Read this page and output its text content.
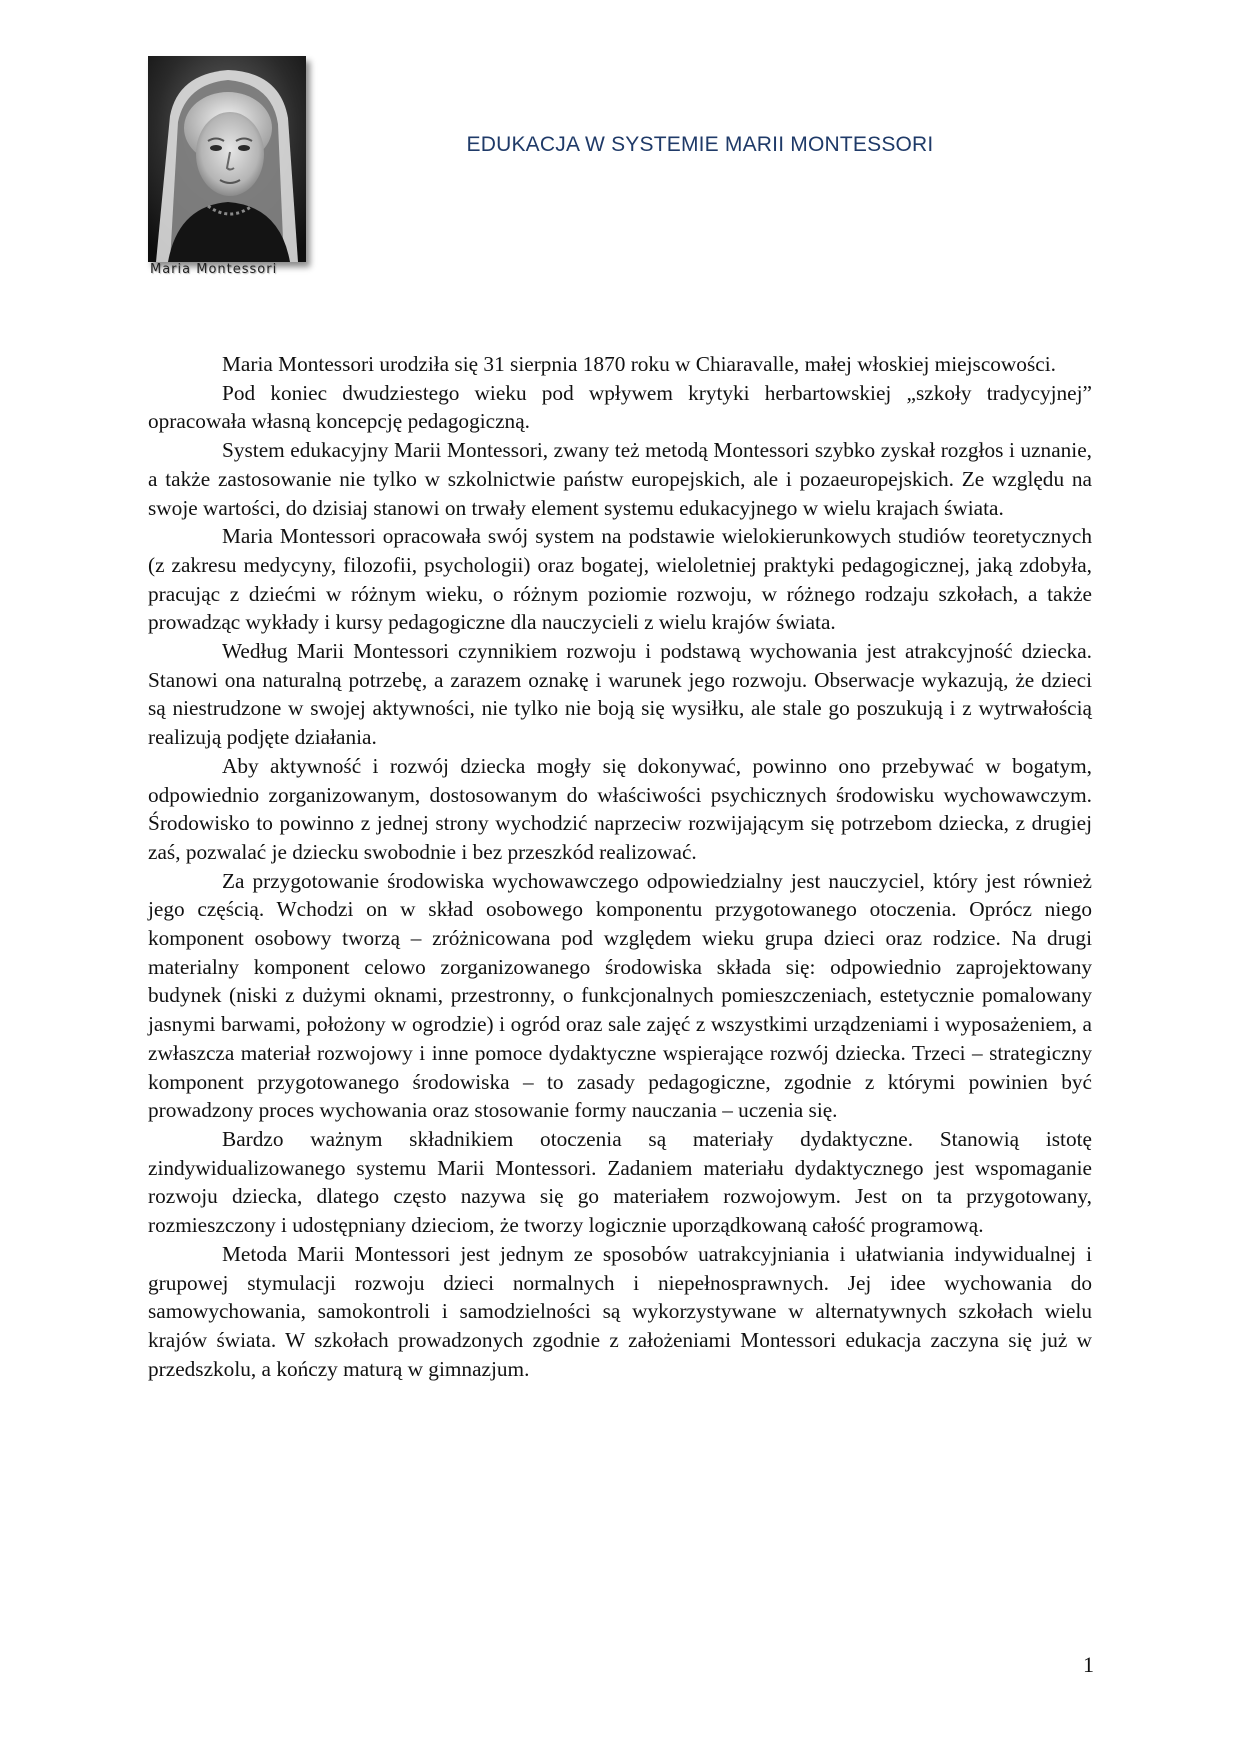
Maria Montessori
EDUKACJA W SYSTEMIE MARII MONTESSORI

Maria Montessori urodziła się 31 sierpnia 1870 roku w Chiaravalle, małej włoskiej miejscowości.

Pod koniec dwudziestego wieku pod wpływem krytyki herbartowskiej „szkoły tradycyjnej” opracowała własną koncepcję pedagogiczną.

System edukacyjny Marii Montessori, zwany też metodą Montessori szybko zyskał rozgłos i uznanie, a także zastosowanie nie tylko w szkolnictwie państw europejskich, ale i pozaeuropejskich. Ze względu na swoje wartości, do dzisiaj stanowi on trwały element systemu edukacyjnego w wielu krajach świata.

Maria Montessori opracowała swój system na podstawie wielokierunkowych studiów teoretycznych (z zakresu medycyny, filozofii, psychologii) oraz bogatej, wieloletniej praktyki pedagogicznej, jaką zdobyła, pracując z dziećmi w różnym wieku, o różnym poziomie rozwoju, w różnego rodzaju szkołach, a także prowadząc wykłady i kursy pedagogiczne dla nauczycieli z wielu krajów świata.

Według Marii Montessori czynnikiem rozwoju i podstawą wychowania jest atrakcyjność dziecka. Stanowi ona naturalną potrzebę, a zarazem oznakę i warunek jego rozwoju. Obserwacje wykazują, że dzieci są niestrudzone w swojej aktywności, nie tylko nie boją się wysiłku, ale stale go poszukują i z wytrwałością realizują podjęte działania.

Aby aktywność i rozwój dziecka mogły się dokonywać, powinno ono przebywać w bogatym, odpowiednio zorganizowanym, dostosowanym do właściwości psychicznych środowisku wychowawczym. Środowisko to powinno z jednej strony wychodzić naprzeciw rozwijającym się potrzebom dziecka, z drugiej zaś, pozwalać je dziecku swobodnie i bez przeszkód realizować.

Za przygotowanie środowiska wychowawczego odpowiedzialny jest nauczyciel, który jest również jego częścią. Wchodzi on w skład osobowego komponentu przygotowanego otoczenia. Oprócz niego komponent osobowy tworzą – zróżnicowana pod względem wieku grupa dzieci oraz rodzice. Na drugi materialny komponent celowo zorganizowanego środowiska składa się: odpowiednio zaprojektowany budynek (niski z dużymi oknami, przestronny, o funkcjonalnych pomieszczeniach, estetycznie pomalowany jasnymi barwami, położony w ogrodzie) i ogród oraz sale zajęć z wszystkimi urządzeniami i wyposażeniem, a zwłaszcza materiał rozwojowy i inne pomoce dydaktyczne wspierające rozwój dziecka. Trzeci – strategiczny komponent przygotowanego środowiska – to zasady pedagogiczne, zgodnie z którymi powinien być prowadzony proces wychowania oraz stosowanie formy nauczania – uczenia się.

Bardzo ważnym składnikiem otoczenia są materiały dydaktyczne. Stanowią istotę zindywidualizowanego systemu Marii Montessori. Zadaniem materiału dydaktycznego jest wspomaganie rozwoju dziecka, dlatego często nazywa się go materiałem rozwojowym. Jest on ta przygotowany, rozmieszczony i udostępniany dzieciom, że tworzy logicznie uporządkowaną całość programową.

Metoda Marii Montessori jest jednym ze sposobów uatrakcyjniania i ułatwiania indywidualnej i grupowej stymulacji rozwoju dzieci normalnych i niepełnosprawnych. Jej idee wychowania do samowychowania, samokontroli i samodzielności są wykorzystywane w alternatywnych szkołach wielu krajów świata. W szkołach prowadzonych zgodnie z założeniami Montessori edukacja zaczyna się już w przedszkolu, a kończy maturą w gimnazjum.

1
